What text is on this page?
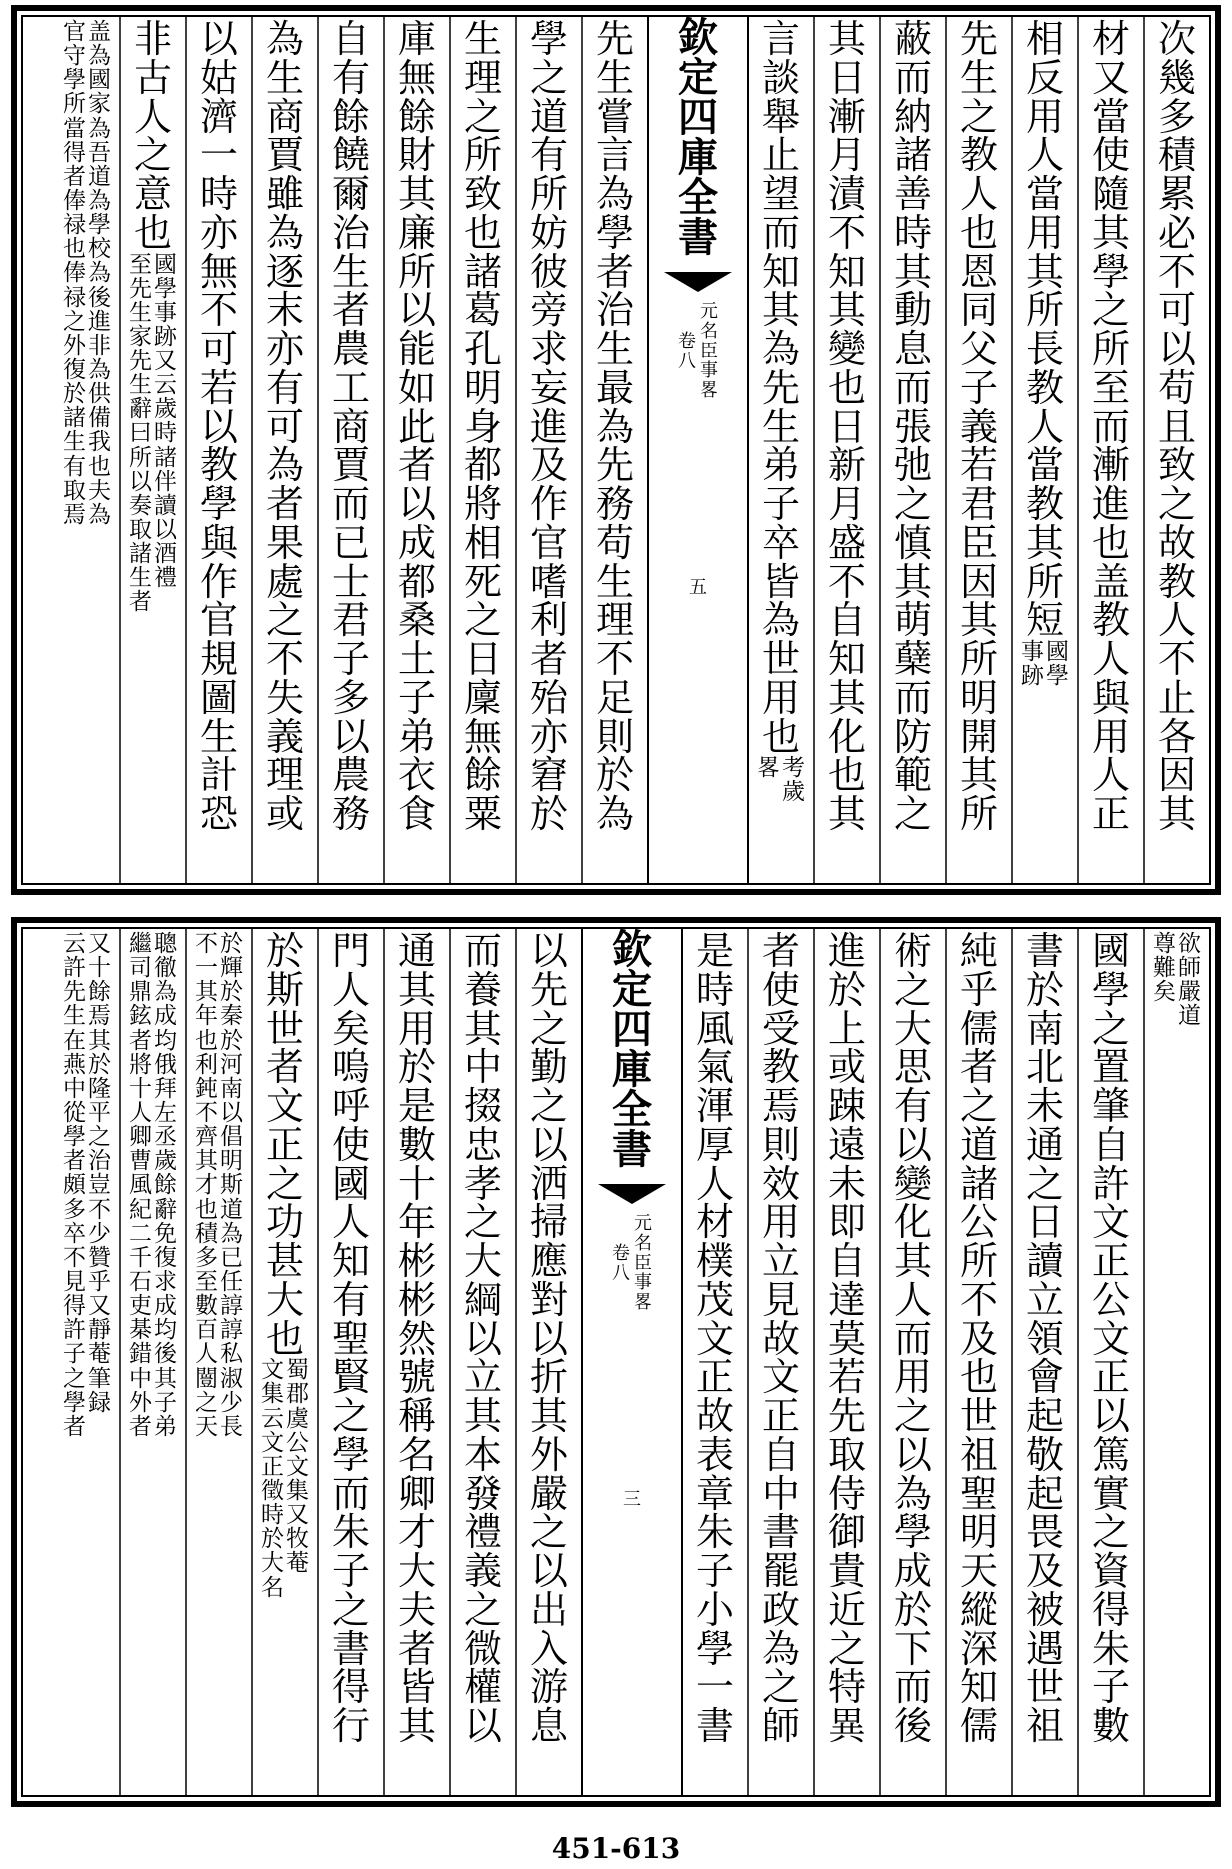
次
幾
多
積
累
必
不
可
以
苟
且
致
之
故
教
人
不
止
各
因
其
材
又
當
使
隨
其
學
之
所
至
而
漸
進
也
盖
教
人
與
用
人
正
相
反
用
人
當
用
其
所
長
教
人
當
教
其
所
短
國
學
事
跡
先
生
之
教
人
也
恩
同
父
子
義
若
君
臣
因
其
所
明
開
其
所
蔽
而
納
諸
善
時
其
動
息
而
張
弛
之
慎
其
萌
蘖
而
防
範
之
其
日
漸
月
漬
不
知
其
變
也
日
新
月
盛
不
自
知
其
化
也
其
言
談
舉
止
望
而
知
其
為
先
生
弟
子
卒
皆
為
世
用
也
考
歲
畧
欽
定
四
庫
全
書
元
名
臣
事
畧
卷
八
五
先
生
嘗
言
為
學
者
治
生
最
為
先
務
苟
生
理
不
足
則
於
為
學
之
道
有
所
妨
彼
旁
求
妄
進
及
作
官
嗜
利
者
殆
亦
窘
於
生
理
之
所
致
也
諸
葛
孔
明
身
都
將
相
死
之
日
廩
無
餘
粟
庫
無
餘
財
其
廉
所
以
能
如
此
者
以
成
都
桑
土
子
弟
衣
食
自
有
餘
饒
爾
治
生
者
農
工
商
賈
而
已
士
君
子
多
以
農
務
為
生
商
賈
雖
為
逐
末
亦
有
可
為
者
果
處
之
不
失
義
理
或
以
姑
濟
一
時
亦
無
不
可
若
以
教
學
與
作
官
規
圖
生
計
恐
非
古
人
之
意
也
國
學
事
跡
又
云
歲
時
諸
伴
讀
以
酒
禮
至
先
生
家
先
生
辭
曰
所
以
奏
取
諸
生
者
盖
為
國
家
為
吾
道
為
學
校
為
後
進
非
為
供
備
我
也
夫
為
官
守
學
所
當
得
者
俸
禄
也
俸
禄
之
外
復
於
諸
生
有
取
焉
欲
師
嚴
道
尊
難
矣
國
學
之
置
肇
自
許
文
正
公
文
正
以
篤
實
之
資
得
朱
子
數
書
於
南
北
未
通
之
日
讀
立
領
會
起
敬
起
畏
及
被
遇
世
祖
純
乎
儒
者
之
道
諸
公
所
不
及
也
世
祖
聖
明
天
縱
深
知
儒
術
之
大
思
有
以
變
化
其
人
而
用
之
以
為
學
成
於
下
而
後
進
於
上
或
踈
遠
未
即
自
達
莫
若
先
取
侍
御
貴
近
之
特
異
者
使
受
教
焉
則
效
用
立
見
故
文
正
自
中
書
罷
政
為
之
師
是
時
風
氣
渾
厚
人
材
樸
茂
文
正
故
表
章
朱
子
小
學
一
書
欽
定
四
庫
全
書
元
名
臣
事
畧
卷
八
三
以
先
之
勤
之
以
洒
掃
應
對
以
折
其
外
嚴
之
以
出
入
游
息
而
養
其
中
掇
忠
孝
之
大
綱
以
立
其
本
發
禮
義
之
微
權
以
通
其
用
於
是
數
十
年
彬
彬
然
號
稱
名
卿
才
大
夫
者
皆
其
門
人
矣
嗚
呼
使
國
人
知
有
聖
賢
之
學
而
朱
子
之
書
得
行
於
斯
世
者
文
正
之
功
甚
大
也
蜀
郡
虞
公
文
集
又
牧
菴
文
集
云
文
正
徵
時
於
大
名
於
輝
於
秦
於
河
南
以
倡
明
斯
道
為
已
任
諄
諄
私
淑
少
長
不
一
其
年
也
利
鈍
不
齊
其
才
也
積
多
至
數
百
人
闓
之
天
聰
徹
為
成
均
俄
拜
左
丞
歲
餘
辭
免
復
求
成
均
後
其
子
弟
繼
司
鼎
鉉
者
將
十
人
卿
曹
風
紀
二
千
石
吏
棊
錯
中
外
者
又
十
餘
焉
其
於
隆
平
之
治
豈
不
少
贊
乎
又
靜
菴
筆
録
云
許
先
生
在
燕
中
從
學
者
頗
多
卒
不
見
得
許
子
之
學
者
451-613
